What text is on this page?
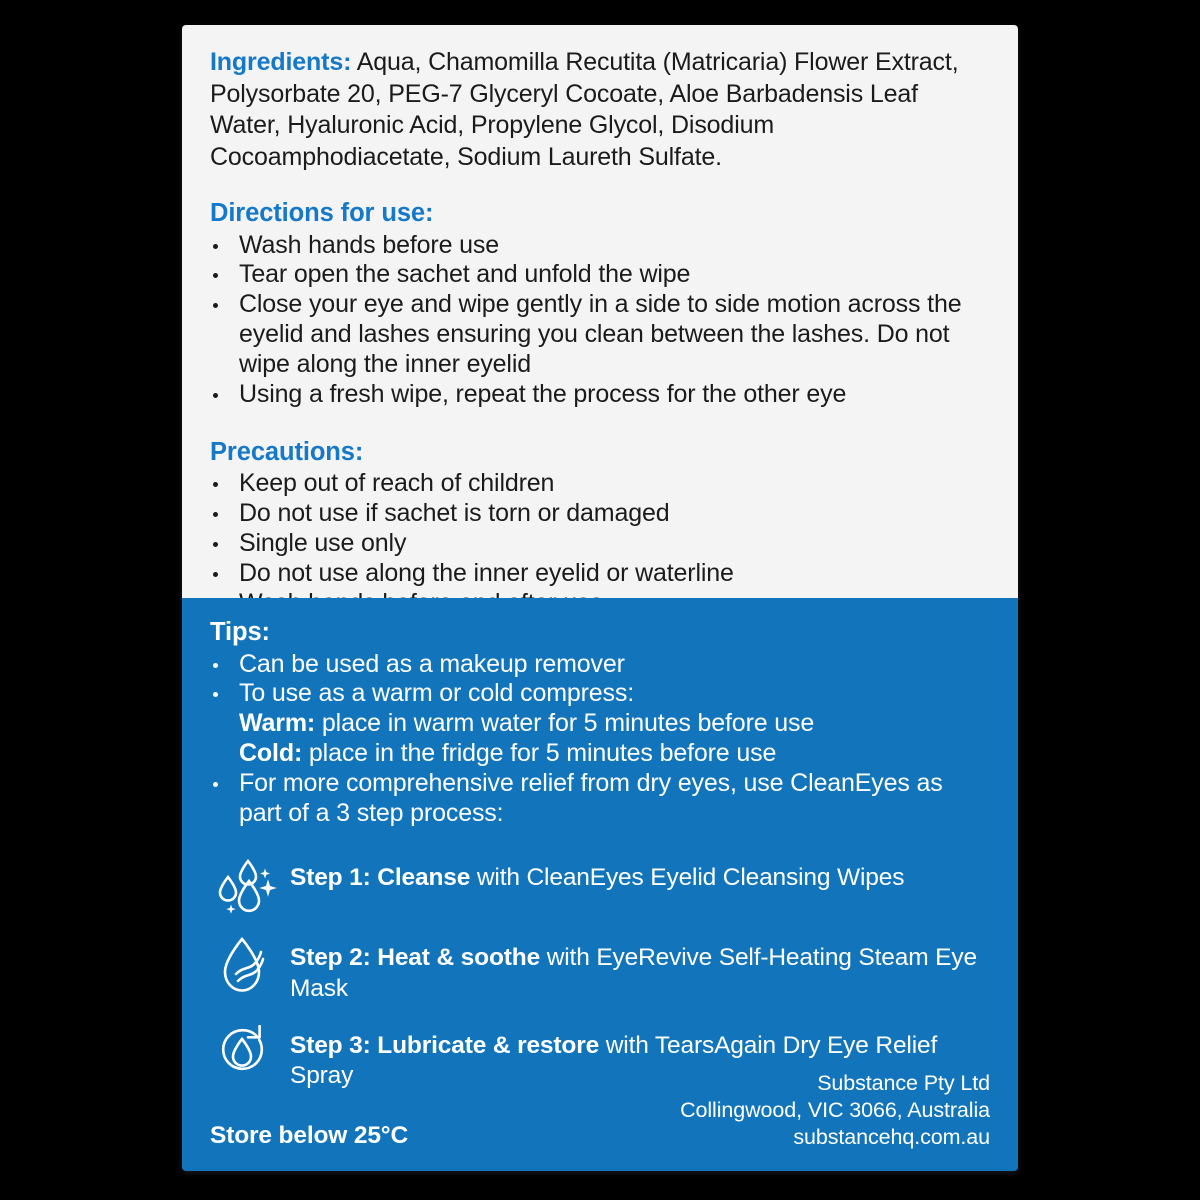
Ingredients: Aqua, Chamomilla Recutita (Matricaria) Flower Extract, Polysorbate 20, PEG-7 Glyceryl Cocoate, Aloe Barbadensis Leaf Water, Hyaluronic Acid, Propylene Glycol, Disodium Cocoamphodiacetate, Sodium Laureth Sulfate.

Directions for use:
Wash hands before use
Tear open the sachet and unfold the wipe
Close your eye and wipe gently in a side to side motion across the eyelid and lashes ensuring you clean between the lashes. Do not wipe along the inner eyelid
Using a fresh wipe, repeat the process for the other eye
Precautions:
Keep out of reach of children
Do not use if sachet is torn or damaged
Single use only
Do not use along the inner eyelid or waterline
Tips:
Can be used as a makeup remover
To use as a warm or cold compress:
Warm: place in warm water for 5 minutes before use
Cold: place in the fridge for 5 minutes before use
For more comprehensive relief from dry eyes, use CleanEyes as part of a 3 step process:
Step 1: Cleanse with CleanEyes Eyelid Cleansing Wipes
Step 2: Heat & soothe with EyeRevive Self-Heating Steam Eye Mask
Step 3: Lubricate & restore with TearsAgain Dry Eye Relief Spray
Store below 25°C
Substance Pty Ltd
Collingwood, VIC 3066, Australia
substancehq.com.au
